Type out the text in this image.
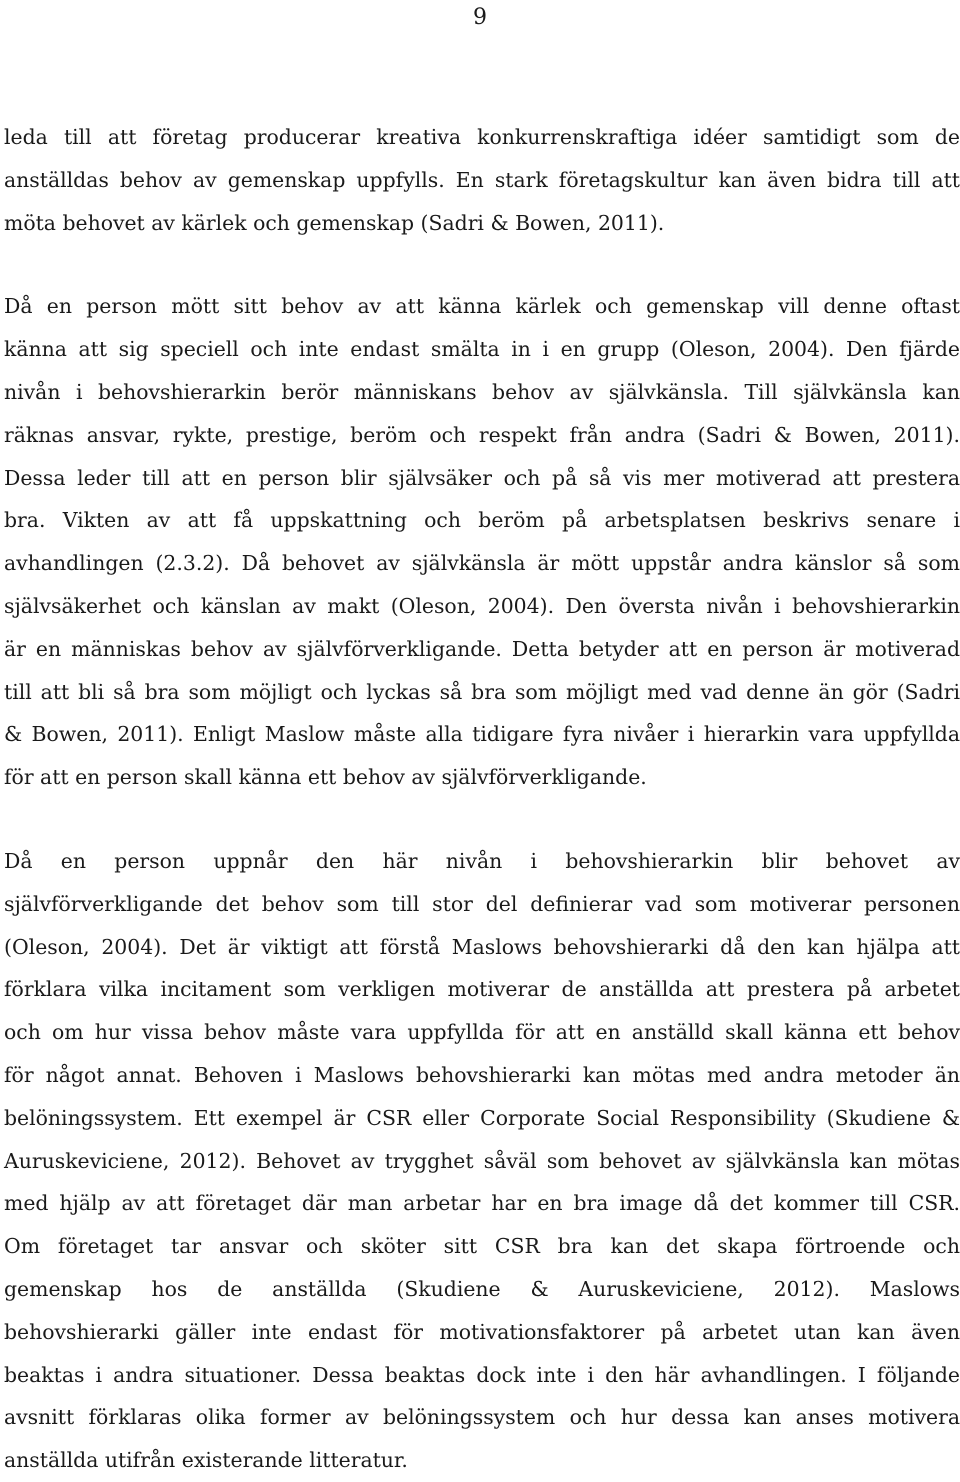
9

leda till att företag producerar kreativa konkurrenskraftiga idéer samtidigt som de
anställdas behov av gemenskap uppfylls. En stark företagskultur kan även bidra till att
möta behovet av kärlek och gemenskap (Sadri & Bowen, 2011).

Då en person mött sitt behov av att känna kärlek och gemenskap vill denne oftast
känna att sig speciell och inte endast smälta in i en grupp (Oleson, 2004). Den fjärde
nivån i behovshierarkin berör människans behov av självkänsla. Till självkänsla kan
räknas ansvar, rykte, prestige, beröm och respekt från andra (Sadri & Bowen, 2011).
Dessa leder till att en person blir självsäker och på så vis mer motiverad att prestera
bra. Vikten av att få uppskattning och beröm på arbetsplatsen beskrivs senare i
avhandlingen (2.3.2). Då behovet av självkänsla är mött uppstår andra känslor så som
självsäkerhet och känslan av makt (Oleson, 2004). Den översta nivån i behovshierarkin
är en människas behov av självförverkligande. Detta betyder att en person är motiverad
till att bli så bra som möjligt och lyckas så bra som möjligt med vad denne än gör (Sadri
& Bowen, 2011). Enligt Maslow måste alla tidigare fyra nivåer i hierarkin vara uppfyllda
för att en person skall känna ett behov av självförverkligande.

Då en person uppnår den här nivån i behovshierarkin blir behovet av
självförverkligande det behov som till stor del definierar vad som motiverar personen
(Oleson, 2004). Det är viktigt att förstå Maslows behovshierarki då den kan hjälpa att
förklara vilka incitament som verkligen motiverar de anställda att prestera på arbetet
och om hur vissa behov måste vara uppfyllda för att en anställd skall känna ett behov
för något annat. Behoven i Maslows behovshierarki kan mötas med andra metoder än
belöningssystem. Ett exempel är CSR eller Corporate Social Responsibility (Skudiene &
Auruskeviciene, 2012). Behovet av trygghet såväl som behovet av självkänsla kan mötas
med hjälp av att företaget där man arbetar har en bra image då det kommer till CSR.
Om företaget tar ansvar och sköter sitt CSR bra kan det skapa förtroende och
gemenskap hos de anställda (Skudiene & Auruskeviciene, 2012). Maslows
behovshierarki gäller inte endast för motivationsfaktorer på arbetet utan kan även
beaktas i andra situationer. Dessa beaktas dock inte i den här avhandlingen. I följande
avsnitt förklaras olika former av belöningssystem och hur dessa kan anses motivera
anställda utifrån existerande litteratur.
